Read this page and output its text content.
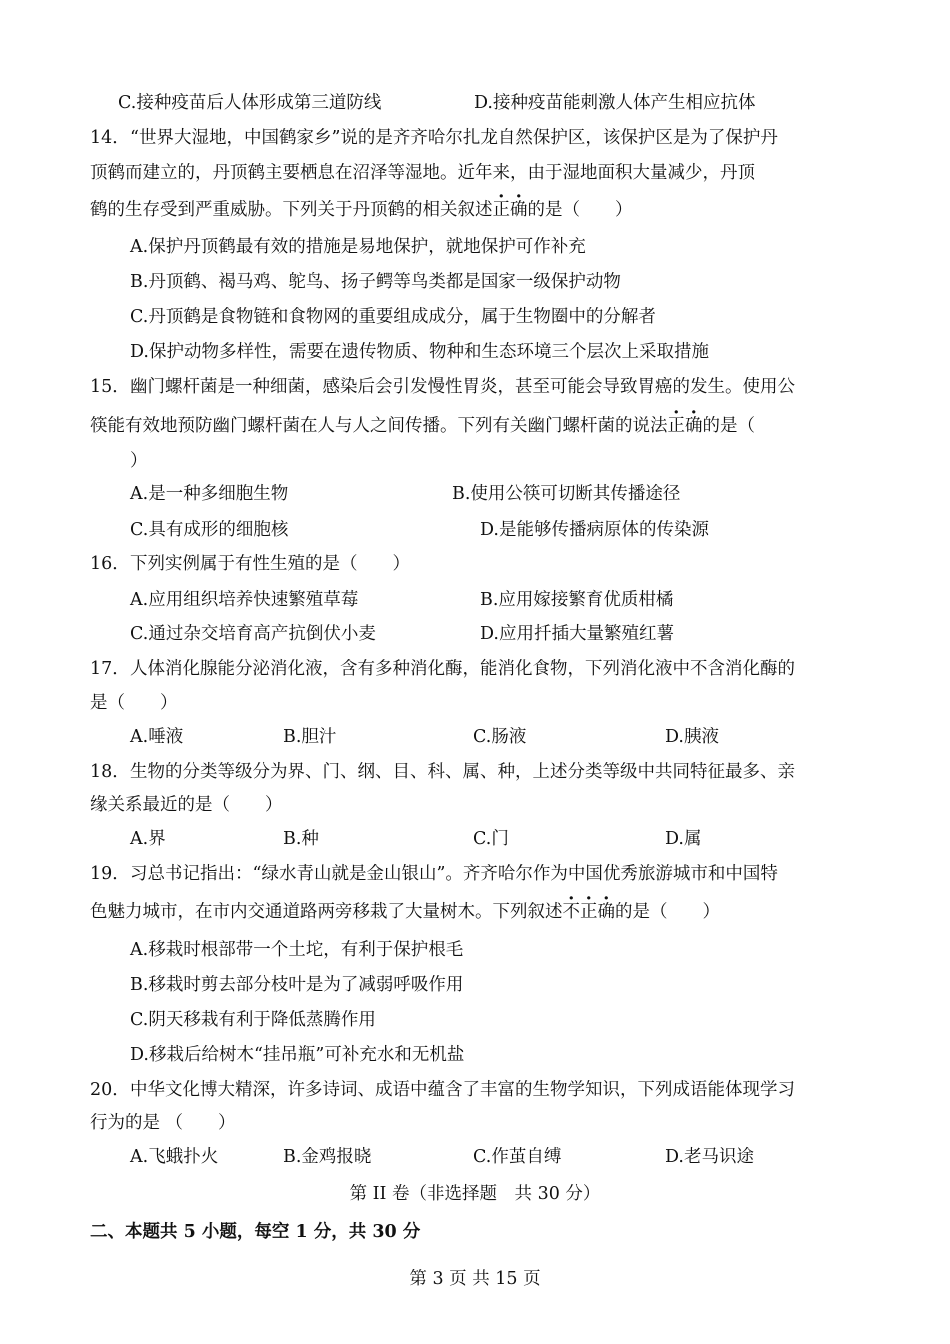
C.接种疫苗后人体形成第三道防线	D.接种疫苗能刺激人体产生相应抗体
14． “世界大湿地，中国鹤家乡”说的是齐齐哈尔扎龙自然保护区，该保护区是为了保护丹
顶鹤而建立的，丹顶鹤主要栖息在沼泽等湿地。近年来，由于湿地面积大量减少，丹顶
鹤的生存受到严重威胁。下列关于丹顶鹤的相关叙述正确的是（　　）
A.保护丹顶鹤最有效的措施是易地保护，就地保护可作补充
B.丹顶鹤、褐马鸡、鸵鸟、扬子鳄等鸟类都是国家一级保护动物
C.丹顶鹤是食物链和食物网的重要组成成分，属于生物圈中的分解者
D.保护动物多样性，需要在遗传物质、物种和生态环境三个层次上采取措施
15． 幽门螺杆菌是一种细菌，感染后会引发慢性胃炎，甚至可能会导致胃癌的发生。使用公
筷能有效地预防幽门螺杆菌在人与人之间传播。下列有关幽门螺杆菌的说法正确的是（
）
A.是一种多细胞生物	B.使用公筷可切断其传播途径
C.具有成形的细胞核	D.是能够传播病原体的传染源
16． 下列实例属于有性生殖的是（　　）
A.应用组织培养快速繁殖草莓	B.应用嫁接繁育优质柑橘
C.通过杂交培育高产抗倒伏小麦	D.应用扦插大量繁殖红薯
17． 人体消化腺能分泌消化液，含有多种消化酶，能消化食物，下列消化液中不含消化酶的
是（　　）
A.唾液	B.胆汁	C.肠液	D.胰液
18． 生物的分类等级分为界、门、纲、目、科、属、种，上述分类等级中共同特征最多、亲
缘关系最近的是（　　）
A.界	B.种	C.门	D.属
19． 习总书记指出：“绿水青山就是金山银山”。齐齐哈尔作为中国优秀旅游城市和中国特
色魅力城市，在市内交通道路两旁移栽了大量树木。下列叙述不正确的是（　　）
A.移栽时根部带一个土坨，有利于保护根毛
B.移栽时剪去部分枝叶是为了减弱呼吸作用
C.阴天移栽有利于降低蒸腾作用
D.移栽后给树木“挂吊瓶”可补充水和无机盐
20． 中华文化博大精深，许多诗词、成语中蕴含了丰富的生物学知识，下列成语能体现学习
行为的是 （　　）
A.飞蛾扑火	B.金鸡报晓	C.作茧自缚	D.老马识途
第 II 卷（非选择题　共 30 分）
二、本题共 5 小题，每空 1 分，共 30 分
第 3 页 共 15 页
